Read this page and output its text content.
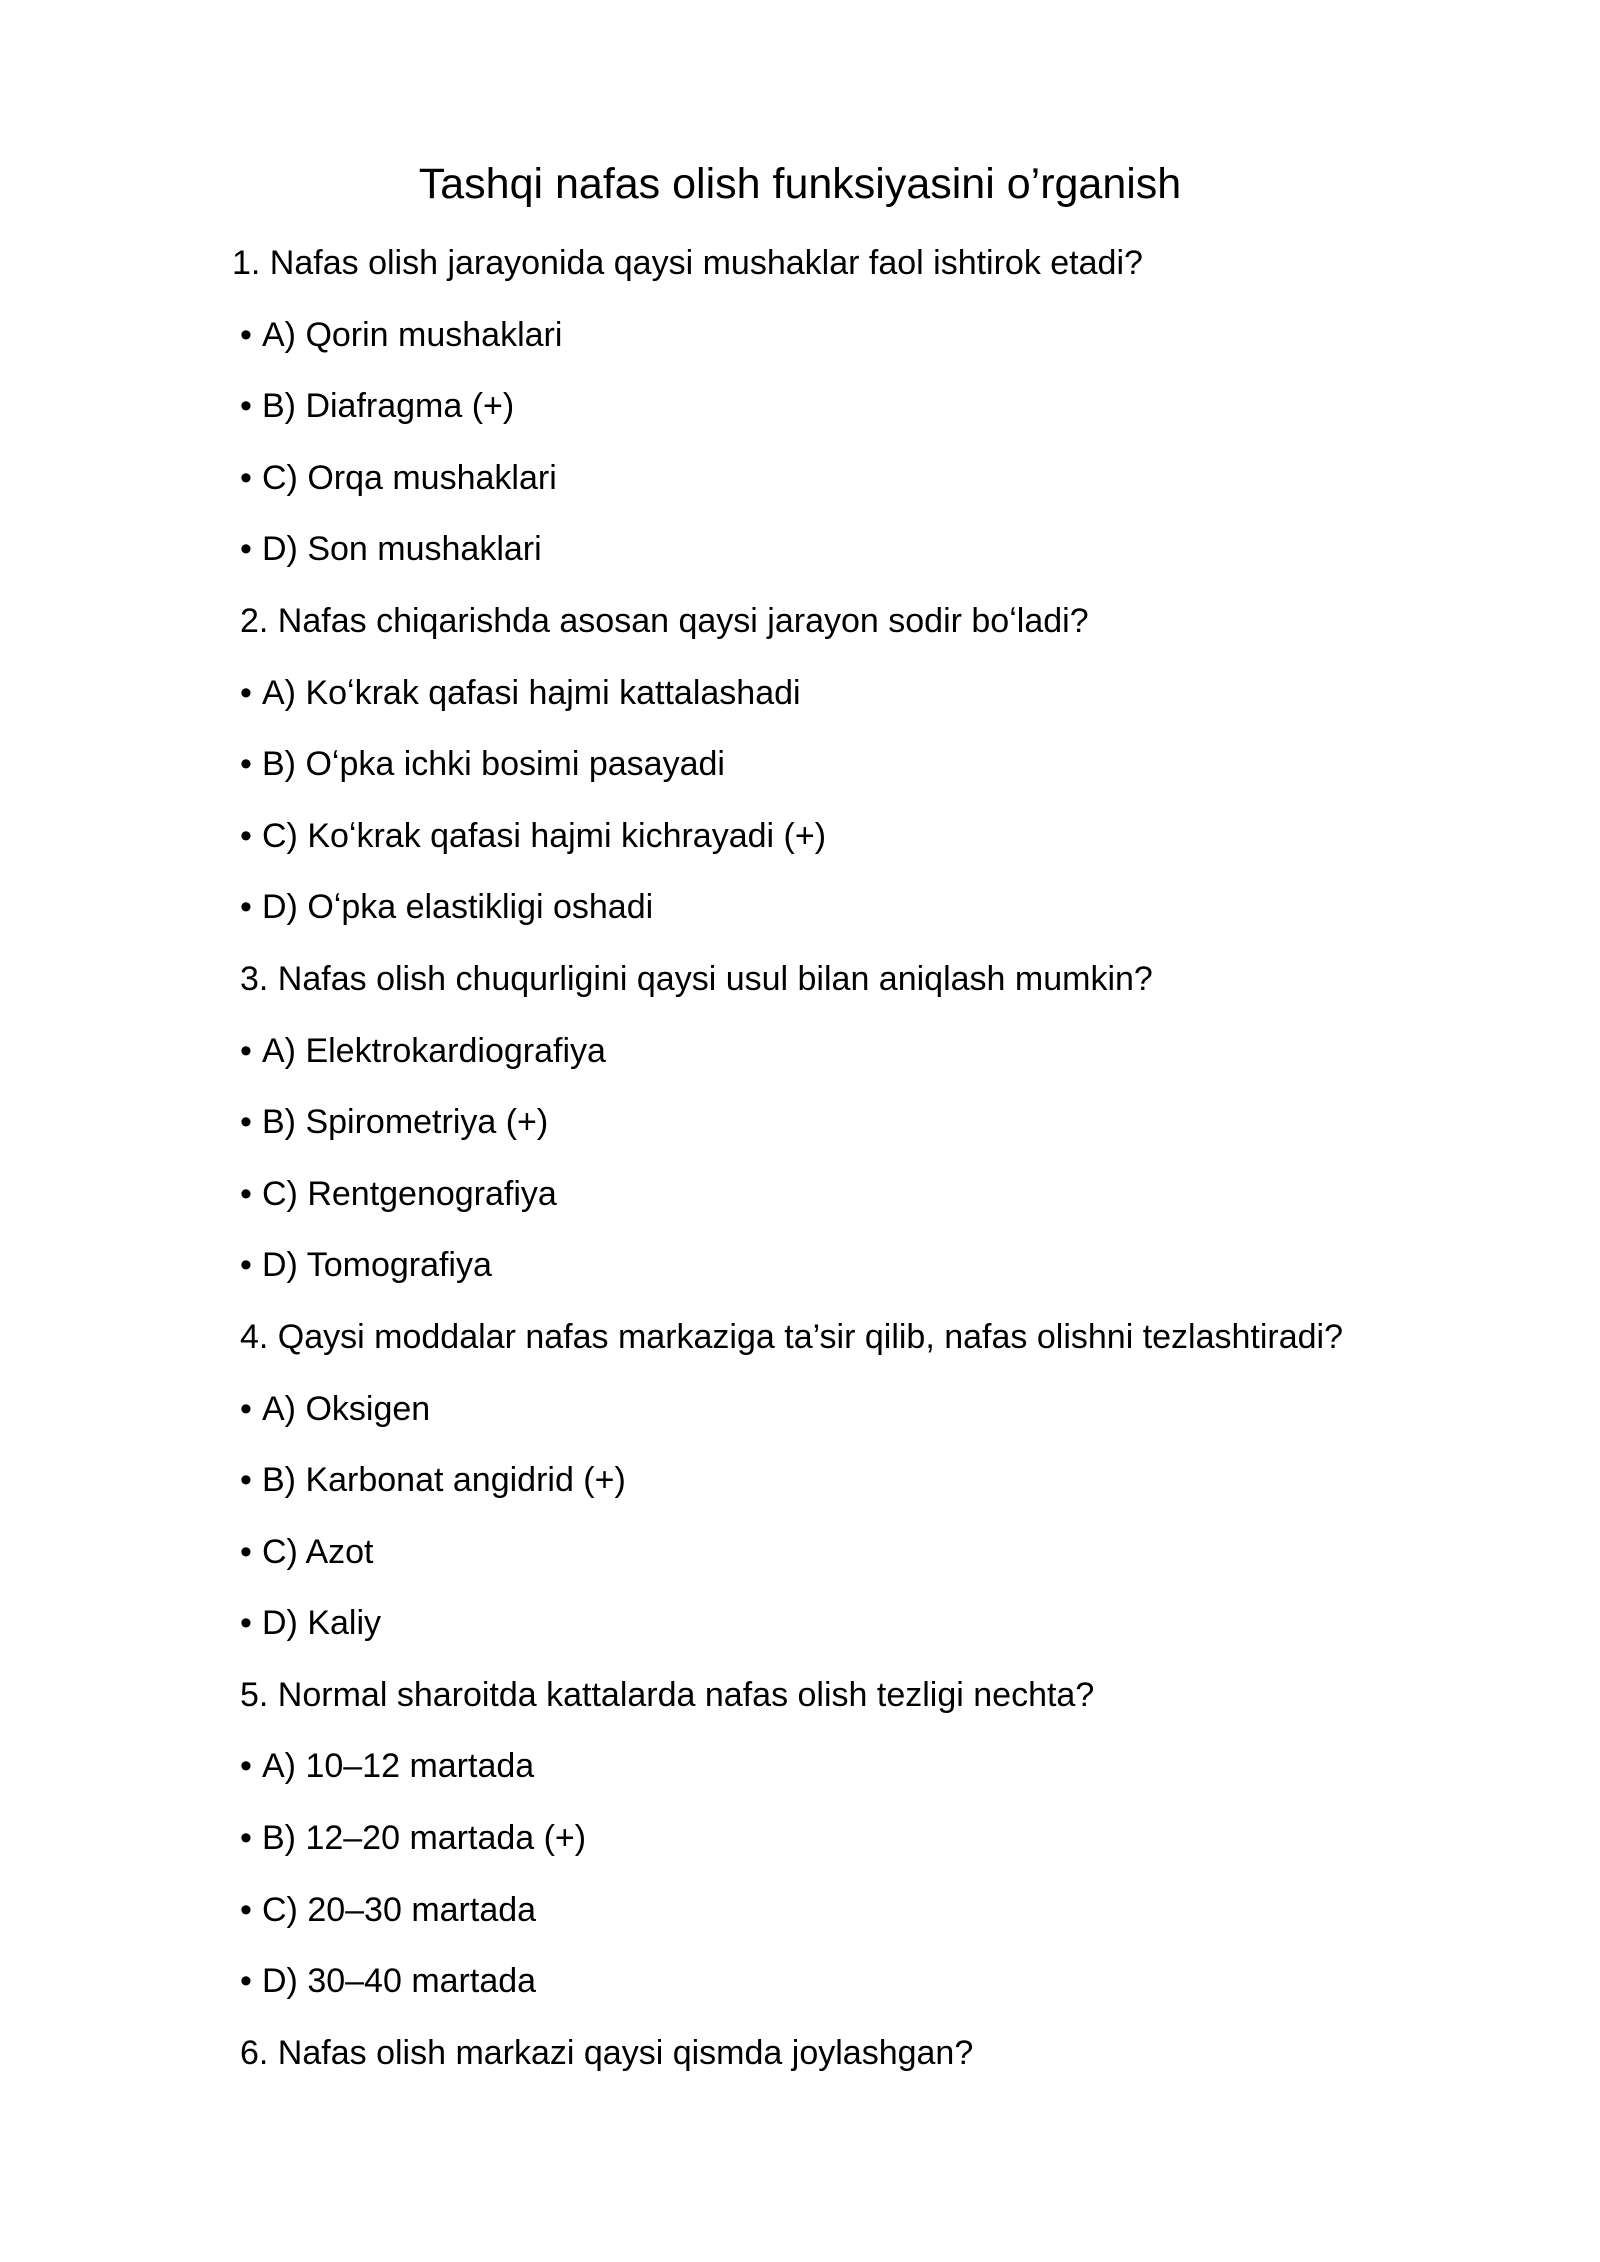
Tashqi nafas olish funksiyasini o’rganish
1. Nafas olish jarayonida qaysi mushaklar faol ishtirok etadi?
• A) Qorin mushaklari
• B) Diafragma (+)
• C) Orqa mushaklari
• D) Son mushaklari
2. Nafas chiqarishda asosan qaysi jarayon sodir boʻladi?
• A) Koʻkrak qafasi hajmi kattalashadi
• B) Oʻpka ichki bosimi pasayadi
• C) Koʻkrak qafasi hajmi kichrayadi (+)
• D) Oʻpka elastikligi oshadi
3. Nafas olish chuqurligini qaysi usul bilan aniqlash mumkin?
• A) Elektrokardiografiya
• B) Spirometriya (+)
• C) Rentgenografiya
• D) Tomografiya
4. Qaysi moddalar nafas markaziga ta’sir qilib, nafas olishni tezlashtiradi?
• A) Oksigen
• B) Karbonat angidrid (+)
• C) Azot
• D) Kaliy
5. Normal sharoitda kattalarda nafas olish tezligi nechta?
• A) 10–12 martada
• B) 12–20 martada (+)
• C) 20–30 martada
• D) 30–40 martada
6. Nafas olish markazi qaysi qismda joylashgan?
